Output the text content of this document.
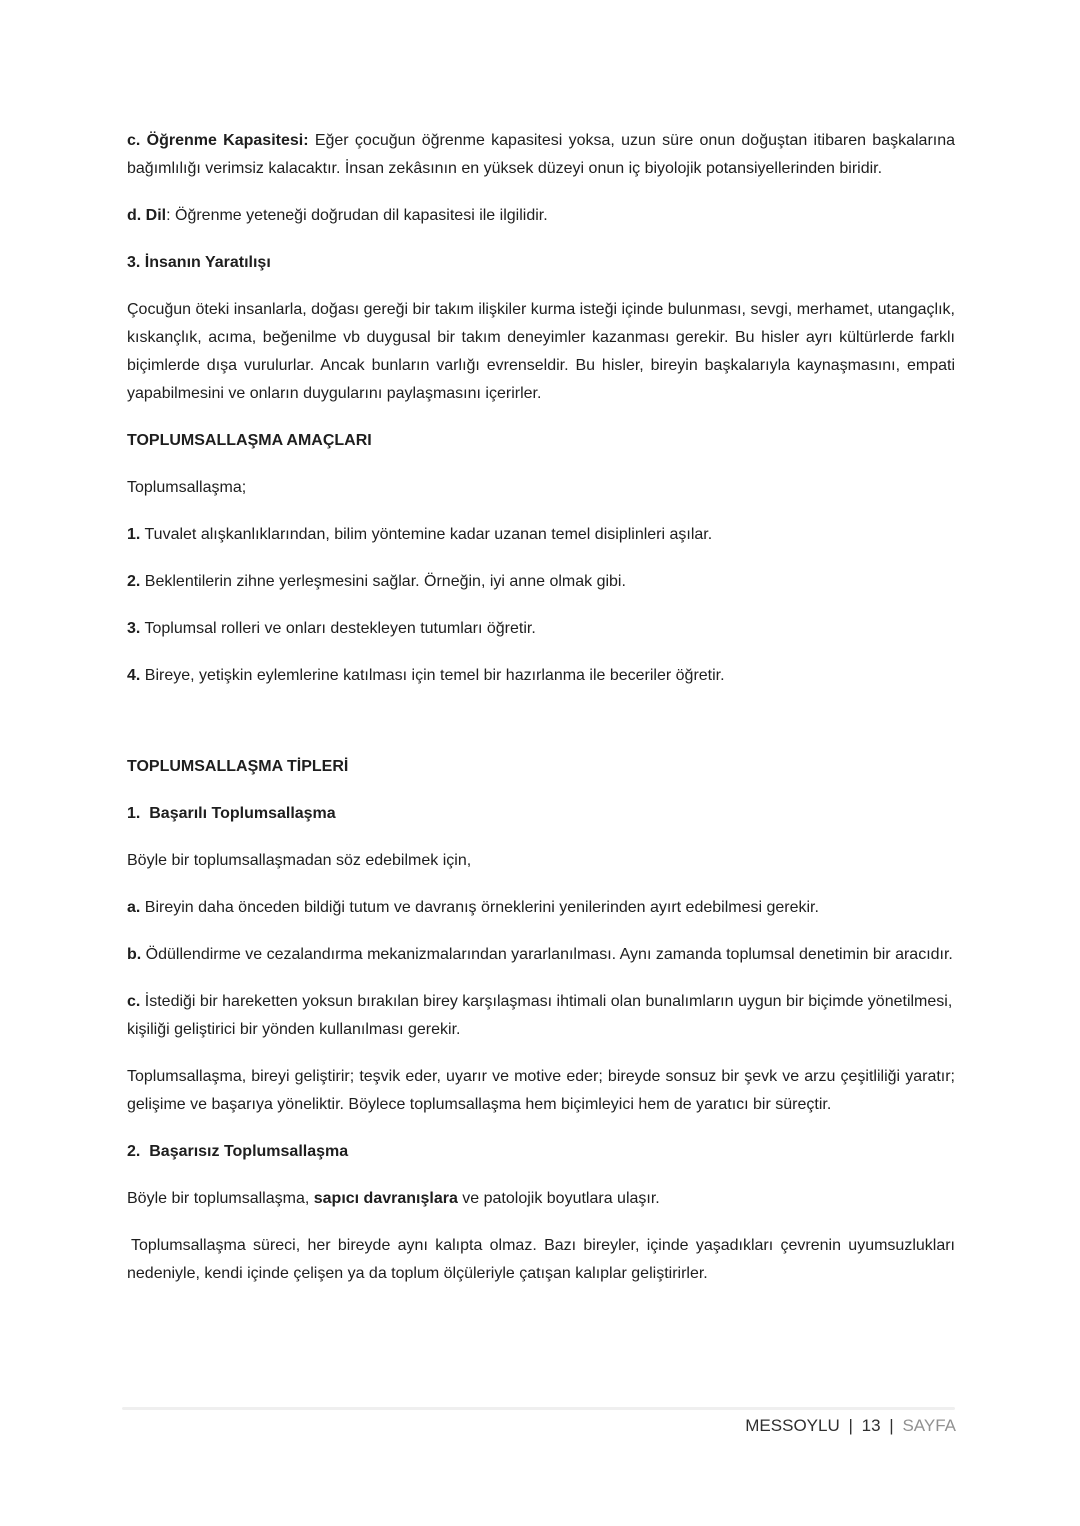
c. Öğrenme Kapasitesi: Eğer çocuğun öğrenme kapasitesi yoksa, uzun süre onun doğuştan itibaren başkalarına bağımlılığı verimsiz kalacaktır. İnsan zekâsının en yüksek düzeyi onun iç biyolojik potansiyellerinden biridir.

d. Dil: Öğrenme yeteneği doğrudan dil kapasitesi ile ilgilidir.

3. İnsanın Yaratılışı

Çocuğun öteki insanlarla, doğası gereği bir takım ilişkiler kurma isteği içinde bulunması, sevgi, merhamet, utangaçlık, kıskançlık, acıma, beğenilme vb duygusal bir takım deneyimler kazanması gerekir. Bu hisler ayrı kültürlerde farklı biçimlerde dışa vurulurlar. Ancak bunların varlığı evrenseldir. Bu hisler, bireyin başkalarıyla kaynaşmasını, empati yapabilmesini ve onların duygularını paylaşmasını içerirler.

TOPLUMSALLAŞMA AMAÇLARI

Toplumsallaşma;

1. Tuvalet alışkanlıklarından, bilim yöntemine kadar uzanan temel disiplinleri aşılar.

2. Beklentilerin zihne yerleşmesini sağlar. Örneğin, iyi anne olmak gibi.

3. Toplumsal rolleri ve onları destekleyen tutumları öğretir.

4. Bireye, yetişkin eylemlerine katılması için temel bir hazırlanma ile beceriler öğretir.

TOPLUMSALLAŞMA TİPLERİ

1.  Başarılı Toplumsallaşma

Böyle bir toplumsallaşmadan söz edebilmek için,

a. Bireyin daha önceden bildiği tutum ve davranış örneklerini yenilerinden ayırt edebilmesi gerekir.

b. Ödüllendirme ve cezalandırma mekanizmalarından yararlanılması. Aynı zamanda toplumsal denetimin bir aracıdır.

c. İstediği bir hareketten yoksun bırakılan birey karşılaşması ihtimali olan bunalımların uygun bir biçimde yönetilmesi, kişiliği geliştirici bir yönden kullanılması gerekir.

Toplumsallaşma, bireyi geliştirir; teşvik eder, uyarır ve motive eder; bireyde sonsuz bir şevk ve arzu çeşitliliği yaratır; gelişime ve başarıya yöneliktir. Böylece toplumsallaşma hem biçimleyici hem de yaratıcı bir süreçtir.

2.  Başarısız Toplumsallaşma

Böyle bir toplumsallaşma, sapıcı davranışlara ve patolojik boyutlara ulaşır.

Toplumsallaşma süreci, her bireyde aynı kalıpta olmaz. Bazı bireyler, içinde yaşadıkları çevrenin uyumsuzlukları nedeniyle, kendi içinde çelişen ya da toplum ölçüleriyle çatışan kalıplar geliştirirler.

MESSOYLU | 13 | SAYFA
